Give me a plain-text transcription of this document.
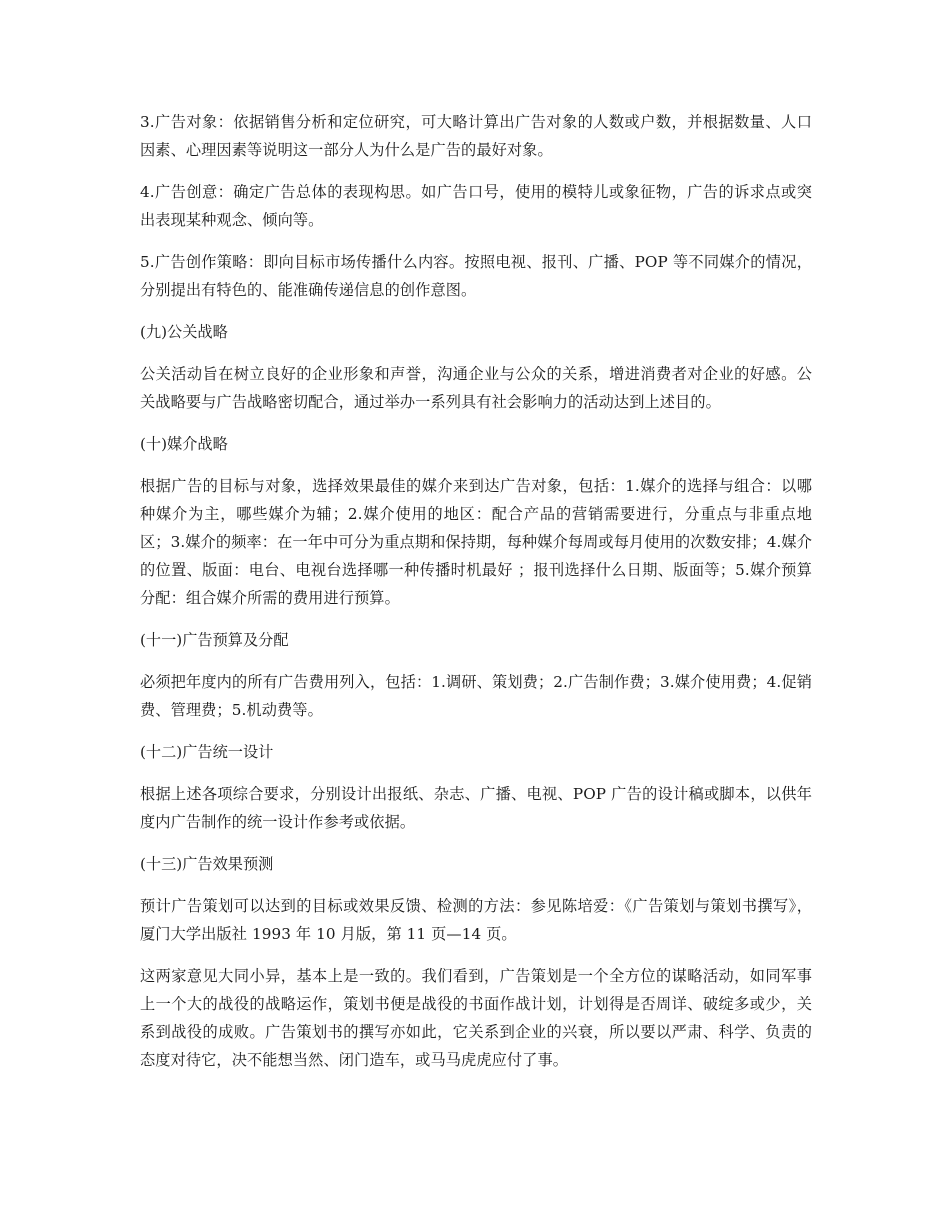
3.广告对象：依据销售分析和定位研究，可大略计算出广告对象的人数或户数，并根据数量、人口因素、心理因素等说明这一部分人为什么是广告的最好对象。

4.广告创意：确定广告总体的表现构思。如广告口号，使用的模特儿或象征物，广告的诉求点或突出表现某种观念、倾向等。

5.广告创作策略：即向目标市场传播什么内容。按照电视、报刊、广播、POP 等不同媒介的情况，分别提出有特色的、能准确传递信息的创作意图。

(九)公关战略

公关活动旨在树立良好的企业形象和声誉，沟通企业与公众的关系，增进消费者对企业的好感。公关战略要与广告战略密切配合，通过举办一系列具有社会影响力的活动达到上述目的。

(十)媒介战略

根据广告的目标与对象，选择效果最佳的媒介来到达广告对象，包括：1.媒介的选择与组合：以哪种媒介为主，哪些媒介为辅；2.媒介使用的地区：配合产品的营销需要进行，分重点与非重点地区；3.媒介的频率：在一年中可分为重点期和保持期，每种媒介每周或每月使用的次数安排；4.媒介的位置、版面：电台、电视台选择哪一种传播时机最好 ；报刊选择什么日期、版面等；5.媒介预算分配：组合媒介所需的费用进行预算。

(十一)广告预算及分配

必须把年度内的所有广告费用列入，包括：1.调研、策划费；2.广告制作费；3.媒介使用费；4.促销费、管理费；5.机动费等。

(十二)广告统一设计

根据上述各项综合要求，分别设计出报纸、杂志、广播、电视、POP 广告的设计稿或脚本，以供年度内广告制作的统一设计作参考或依据。

(十三)广告效果预测

预计广告策划可以达到的目标或效果反馈、检测的方法：参见陈培爱：《广告策划与策划书撰写》，厦门大学出版社 1993 年 10 月版，第 11 页—14 页。

这两家意见大同小异，基本上是一致的。我们看到，广告策划是一个全方位的谋略活动，如同军事上一个大的战役的战略运作，策划书便是战役的书面作战计划，计划得是否周详、破绽多或少，关系到战役的成败。广告策划书的撰写亦如此，它关系到企业的兴衰，所以要以严肃、科学、负责的态度对待它，决不能想当然、闭门造车，或马马虎虎应付了事。
